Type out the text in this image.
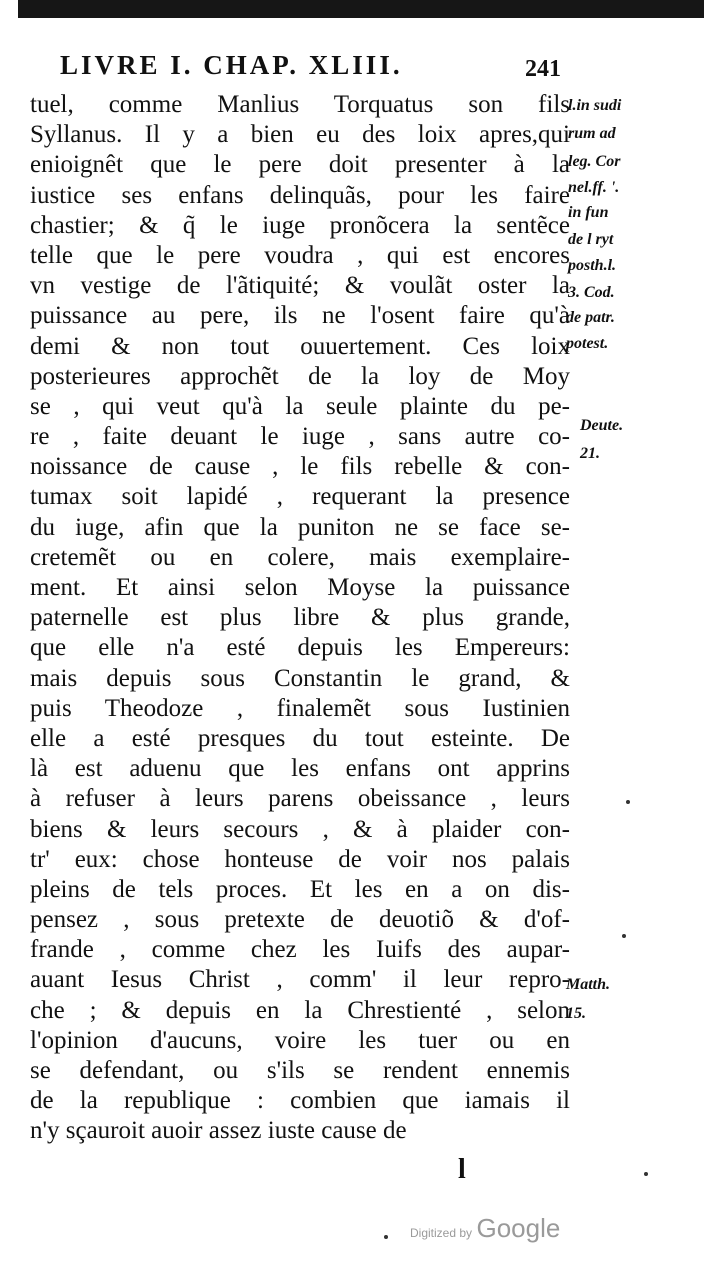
LIVRE I. CHAP. XLIII.	241
tuel, comme Manlius Torquatus son fils
Syllanus. Il y a bien eu des loix apres,qui
enioignêt que le pere doit presenter à la
iustice ses enfans delinquãs, pour les faire
chastier; & q̃ le iuge pronõcera la sentẽce
telle que le pere voudra , qui est encores
vn vestige de l'ãtiquité; & voulãt oster la
puissance au pere, ils ne l'osent faire qu'à
demi & non tout ouuertement. Ces loix
posterieures approchẽt de la loy de Moy
se , qui veut qu'à la seule plainte du pe-
re , faite deuant le iuge , sans autre co-
noissance de cause , le fils rebelle & con-
tumax soit lapidé , requerant la presence
du iuge, afin que la puniton ne se face se-
cretemẽt ou en colere, mais exemplaire-
ment. Et ainsi selon Moyse la puissance
paternelle est plus libre & plus grande,
que elle n'a esté depuis les Empereurs:
mais depuis sous Constantin le grand, &
puis Theodoze , finalemẽt sous Iustinien
elle a esté presques du tout esteinte. De
là est aduenu que les enfans ont apprins
à refuser à leurs parens obeissance , leurs
biens & leurs secours , & à plaider con-
tr' eux: chose honteuse de voir nos palais
pleins de tels proces. Et les en a on dis-
pensez , sous pretexte de deuotiõ & d'of-
frande , comme chez les Iuifs des aupar-
auant Iesus Christ , comm' il leur repro-
che ; & depuis en la Chrestienté , selon
l'opinion d'aucuns, voire les tuer ou en
se defendant, ou s'ils se rendent ennemis
de la republique : combien que iamais il
n'y sçauroit auoir assez iuste cause de
l.in sudi
rum ad
leg. Cor
nel.ff. '.
in fun
de l ryt
posth.l.
3. Cod.
de patr.
potest.
Deute.
21.
Matth.
15.
l
Digitized by Google
